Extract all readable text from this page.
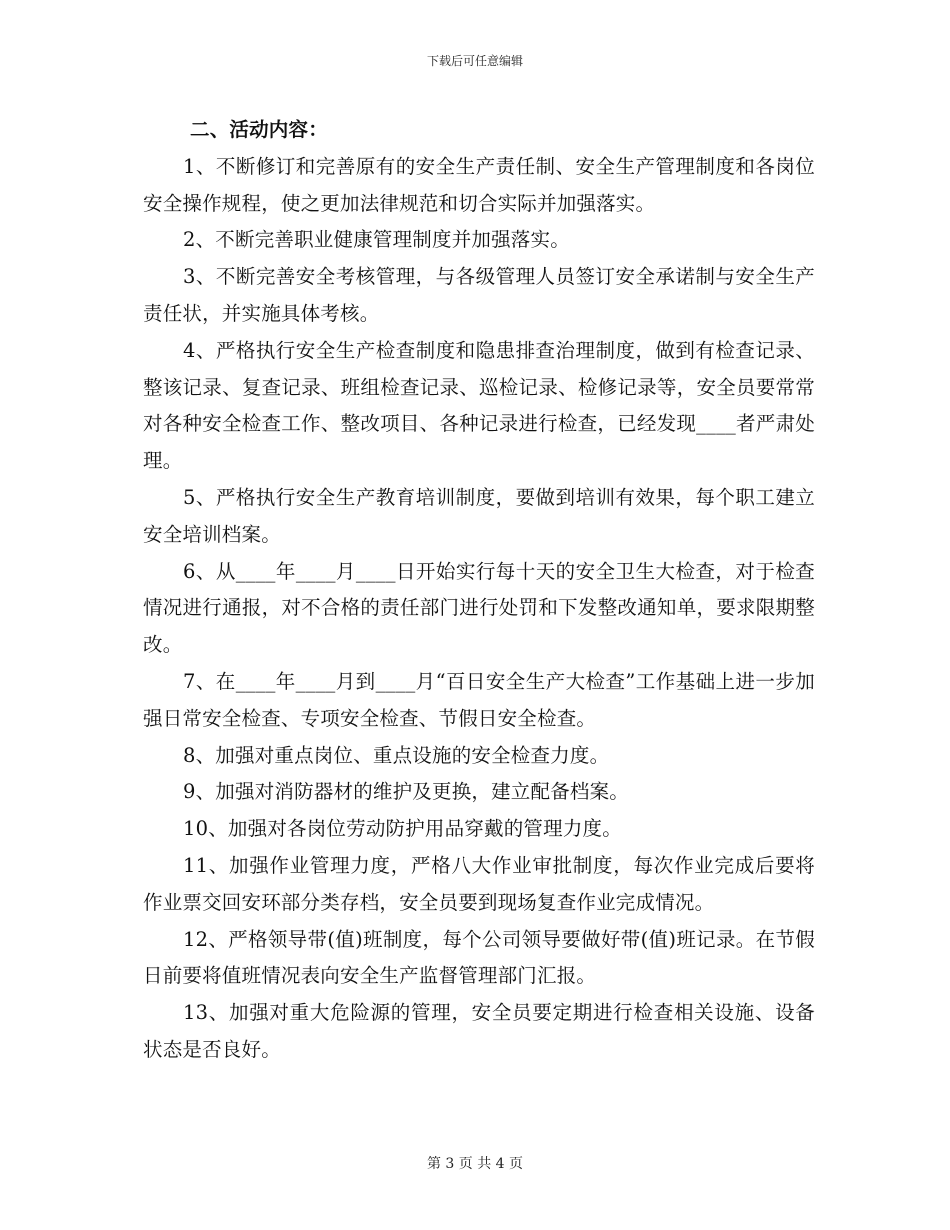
下载后可任意编辑

二、活动内容：

1、不断修订和完善原有的安全生产责任制、安全生产管理制度和各岗位安全操作规程，使之更加法律规范和切合实际并加强落实。

2、不断完善职业健康管理制度并加强落实。

3、不断完善安全考核管理，与各级管理人员签订安全承诺制与安全生产责任状，并实施具体考核。

4、严格执行安全生产检查制度和隐患排查治理制度，做到有检查记录、整该记录、复查记录、班组检查记录、巡检记录、检修记录等，安全员要常常对各种安全检查工作、整改项目、各种记录进行检查，已经发现____者严肃处理。

5、严格执行安全生产教育培训制度，要做到培训有效果，每个职工建立安全培训档案。

6、从____年____月____日开始实行每十天的安全卫生大检查，对于检查情况进行通报，对不合格的责任部门进行处罚和下发整改通知单，要求限期整改。

7、在____年____月到____月“百日安全生产大检查”工作基础上进一步加强日常安全检查、专项安全检查、节假日安全检查。

8、加强对重点岗位、重点设施的安全检查力度。

9、加强对消防器材的维护及更换，建立配备档案。

10、加强对各岗位劳动防护用品穿戴的管理力度。

11、加强作业管理力度，严格八大作业审批制度，每次作业完成后要将作业票交回安环部分类存档，安全员要到现场复查作业完成情况。

12、严格领导带(值)班制度，每个公司领导要做好带(值)班记录。在节假日前要将值班情况表向安全生产监督管理部门汇报。

13、加强对重大危险源的管理，安全员要定期进行检查相关设施、设备状态是否良好。

第 3 页 共 4 页
